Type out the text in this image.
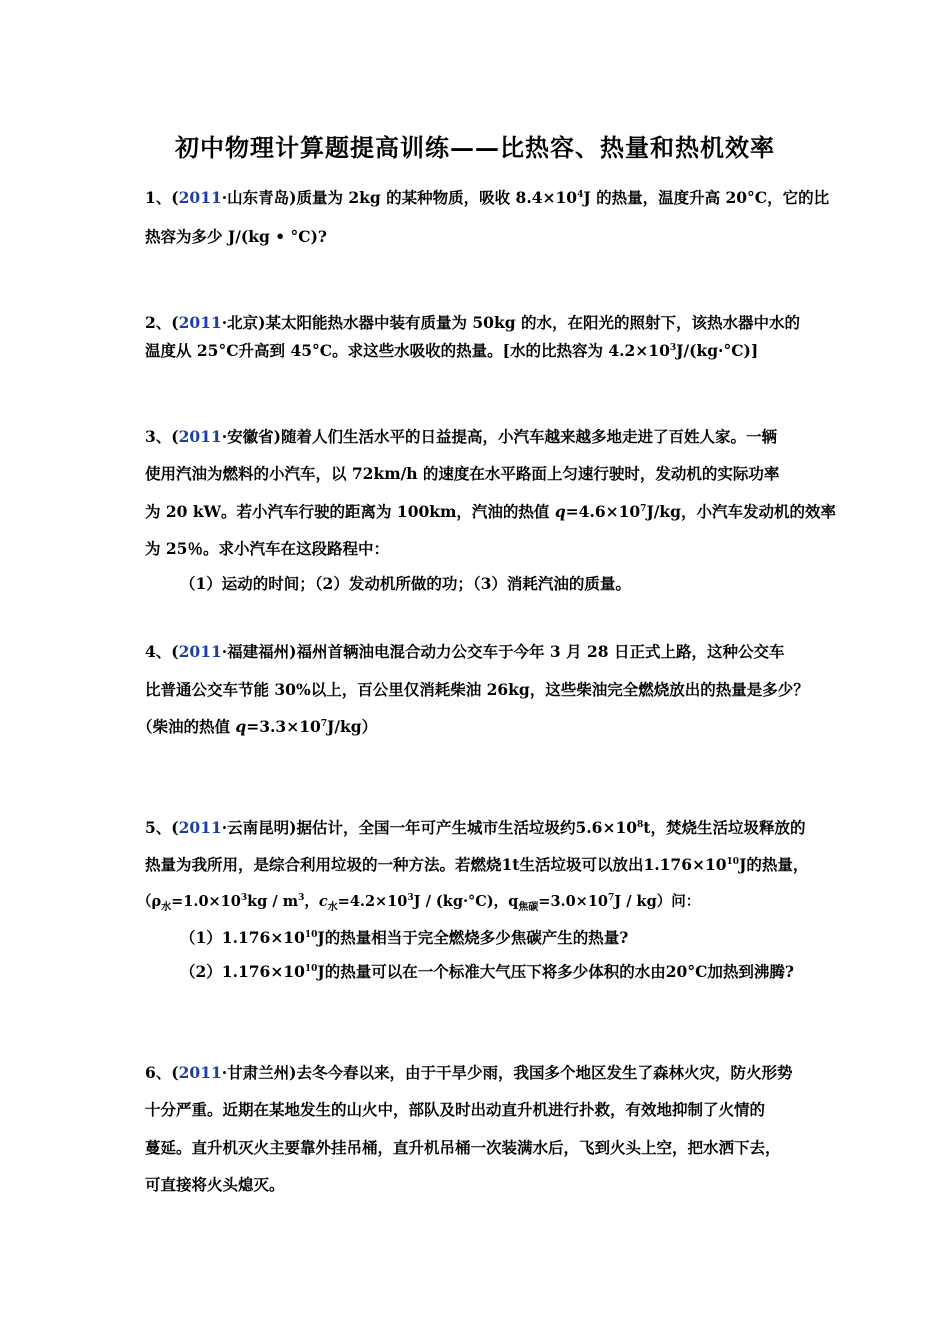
初中物理计算题提高训练——比热容、热量和热机效率
1、(2011·山东青岛)质量为 2kg 的某种物质，吸收 $8.4\times 10^4J$ 的热量，温度升高 20°C，它的比
热容为多少 J/(kg • °C)?
2、(2011·北京)某太阳能热水器中装有质量为 50kg 的水，在阳光的照射下，该热水器中水的
温度从 25°C升高到 45°C。求这些水吸收的热量。[水的比热容为 $4.2\times 10^3J/(kg\cdot^\circ C)$]
3、(2011·安徽省)随着人们生活水平的日益提高，小汽车越来越多地走进了百姓人家。一辆
使用汽油为燃料的小汽车，以 72km/h 的速度在水平路面上匀速行驶时，发动机的实际功率
为 20 kW。若小汽车行驶的距离为 100km，汽油的热值 $q=4.6\times 10^7J/kg$，小汽车发动机的效率
为 25％。求小汽车在这段路程中：
（1）运动的时间；（2）发动机所做的功；（3）消耗汽油的质量。
4、(2011·福建福州)福州首辆油电混合动力公交车于今年 3 月 28 日正式上路，这种公交车
比普通公交车节能 30%以上，百公里仅消耗柴油 26kg，这些柴油完全燃烧放出的热量是多少？
（柴油的热值 $q=3.3\times 10^7J/kg$）
5、(2011·云南昆明)据估计，全国一年可产生城市生活垃圾约$5.6\times 10^8t$，焚烧生活垃圾释放的
热量为我所用，是综合利用垃圾的一种方法。若燃烧1t生活垃圾可以放出$1.176\times 10^{10}J$的热量，
（$\rho_水=1.0\times 10^3kg / m^3$，$c_水=4.2\times 10^3J / (kg\cdot^\circ C)$，$q_{焦碳}=3.0\times 10^7J / kg$）问：
$(1)1.176\times 10^{10}J$的热量相当于完全燃烧多少焦碳产生的热量?
$(2)1.176\times 10^{10}J$的热量可以在一个标准大气压下将多少体积的水由20°C加热到沸腾?
6、(2011·甘肃兰州)去冬今春以来，由于干旱少雨，我国多个地区发生了森林火灾，防火形势
十分严重。近期在某地发生的山火中，部队及时出动直升机进行扑救，有效地抑制了火情的
蔓延。直升机灭火主要靠外挂吊桶，直升机吊桶一次装满水后，飞到火头上空，把水洒下去，
可直接将火头熄灭。
